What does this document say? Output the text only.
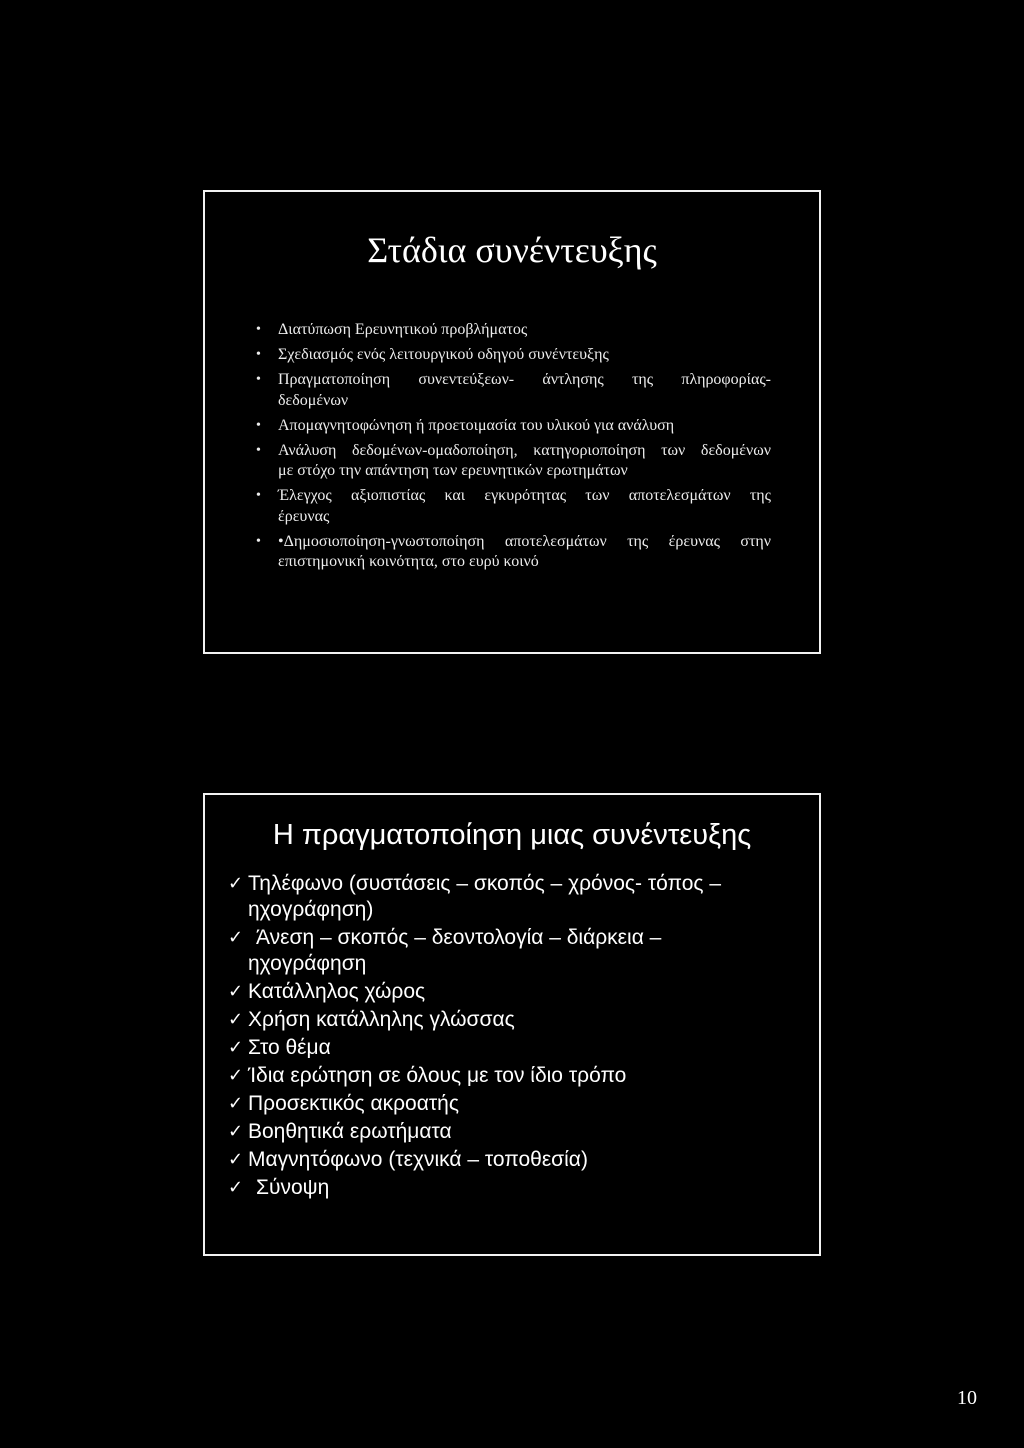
Στάδια συνέντευξης
• Διατύπωση Ερευνητικού προβλήματος
• Σχεδιασμός ενός λειτουργικού οδηγού συνέντευξης
• Πραγματοποίηση συνεντεύξεων- άντλησης της πληροφορίας-
δεδομένων
• Απομαγνητοφώνηση ή προετοιμασία του υλικού για ανάλυση
• Ανάλυση δεδομένων-ομαδοποίηση, κατηγοριοποίηση των δεδομένων
με στόχο την απάντηση των ερευνητικών ερωτημάτων
• Έλεγχος αξιοπιστίας και εγκυρότητας των αποτελεσμάτων της
έρευνας
• •Δημοσιοποίηση-γνωστοποίηση αποτελεσμάτων της έρευνας στην
επιστημονική κοινότητα, στο ευρύ κοινό
Η πραγματοποίηση μιας συνέντευξης
✓ Τηλέφωνο (συστάσεις – σκοπός – χρόνος- τόπος –
ηχογράφηση)
✓ Άνεση – σκοπός – δεοντολογία – διάρκεια –
ηχογράφηση
✓ Κατάλληλος χώρος
✓ Χρήση κατάλληλης γλώσσας
✓ Στο θέμα
✓ Ίδια ερώτηση σε όλους με τον ίδιο τρόπο
✓ Προσεκτικός ακροατής
✓ Βοηθητικά ερωτήματα
✓ Μαγνητόφωνο (τεχνικά – τοποθεσία)
✓ Σύνοψη
10
